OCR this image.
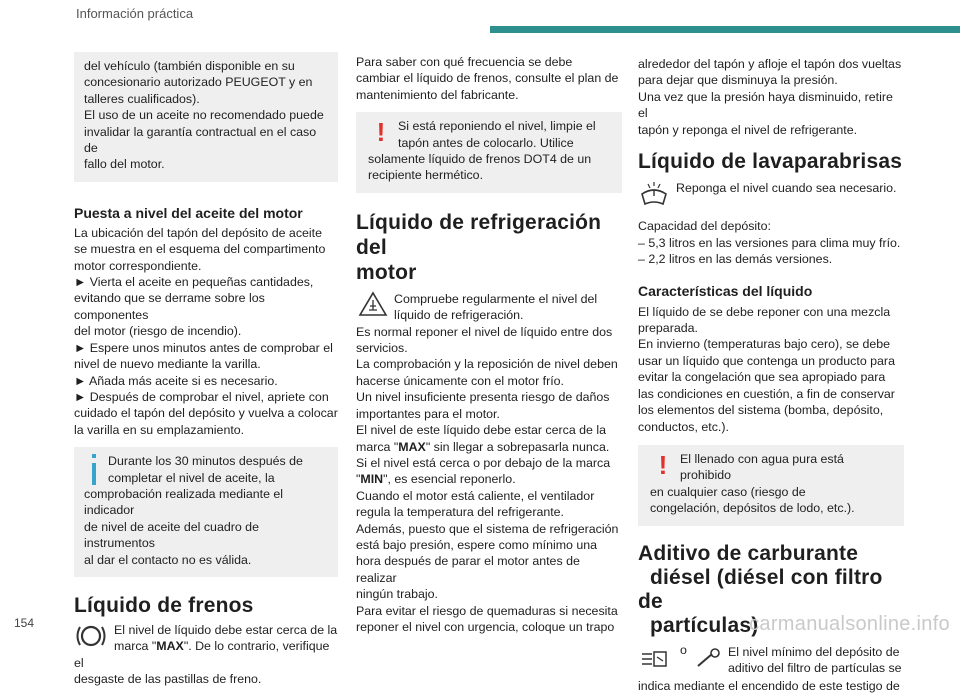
Información práctica

del vehículo (también disponible en su

concesionario autorizado PEUGEOT y en

talleres cualificados).

El uso de un aceite no recomendado puede

invalidar la garantía contractual en el caso de

fallo del motor.

Puesta a nivel del aceite del motor

La ubicación del tapón del depósito de aceite

se muestra en el esquema del compartimento

motor correspondiente.

► Vierta el aceite en pequeñas cantidades,

evitando que se derrame sobre los componentes

del motor (riesgo de incendio).

► Espere unos minutos antes de comprobar el

nivel de nuevo mediante la varilla.

► Añada más aceite si es necesario.

► Después de comprobar el nivel, apriete con

cuidado el tapón del depósito y vuelva a colocar

la varilla en su emplazamiento.

Durante los 30 minutos después de

completar el nivel de aceite, la

comprobación realizada mediante el indicador

de nivel de aceite del cuadro de instrumentos

al dar el contacto no es válida.

Líquido de frenos

El nivel de líquido debe estar cerca de la

marca "MAX". De lo contrario, verifique el

desgaste de las pastillas de freno.

Para saber con qué frecuencia se debe

cambiar el líquido de frenos, consulte el plan de

mantenimiento del fabricante.

!	Si está reponiendo el nivel, limpie el

tapón antes de colocarlo. Utilice

solamente líquido de frenos DOT4 de un

recipiente hermético.

Líquido de refrigeración del
motor

Compruebe regularmente el nivel del

líquido de refrigeración.

Es normal reponer el nivel de líquido entre dos

servicios.

La comprobación y la reposición de nivel deben

hacerse únicamente con el motor frío.

Un nivel insuficiente presenta riesgo de daños

importantes para el motor.

El nivel de este líquido debe estar cerca de la

marca "MAX" sin llegar a sobrepasarla nunca.

Si el nivel está cerca o por debajo de la marca

"MIN", es esencial reponerlo.

Cuando el motor está caliente, el ventilador

regula la temperatura del refrigerante.

Además, puesto que el sistema de refrigeración

está bajo presión, espere como mínimo una

hora después de parar el motor antes de realizar

ningún trabajo.

Para evitar el riesgo de quemaduras si necesita

reponer el nivel con urgencia, coloque un trapo

alrededor del tapón y afloje el tapón dos vueltas

para dejar que disminuya la presión.

Una vez que la presión haya disminuido, retire el

tapón y reponga el nivel de refrigerante.

Líquido de lavaparabrisas

Reponga el nivel cuando sea necesario.

Capacidad del depósito:

– 5,3 litros en las versiones para clima muy frío.

– 2,2 litros en las demás versiones.

Características del líquido

El líquido de se debe reponer con una mezcla

preparada.

En invierno (temperaturas bajo cero), se debe

usar un líquido que contenga un producto para

evitar la congelación que sea apropiado para

las condiciones en cuestión, a fin de conservar

los elementos del sistema (bomba, depósito,

conductos, etc.).

!	El llenado con agua pura está prohibido

en cualquier caso (riesgo de

congelación, depósitos de lodo, etc.).

Aditivo de carburante
diésel (diésel con filtro de
partículas)
o	El nivel mínimo del depósito de

aditivo del filtro de partículas se

indica mediante el encendido de este testigo de

154	carmanualsonline.info
